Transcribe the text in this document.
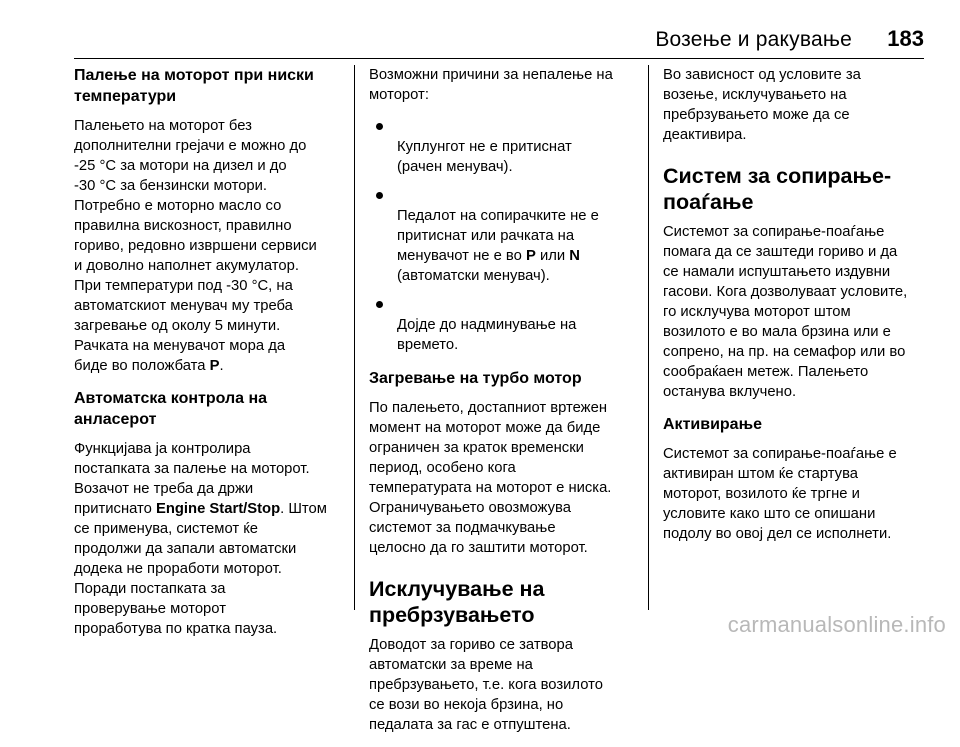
Возење и ракување 183
Палење на моторот при ниски
температури

Палењето на моторот без
дополнителни грејачи е можно до
-25 °C за мотори на дизел и до
-30 °C за бензински мотори.
Потребно е моторно масло со
правилна вискозност, правилно
гориво, редовно извршени сервиси
и доволно наполнет акумулатор.
При температури под -30 °C, на
автоматскиот менувач му треба
загревање од околу 5 минути.
Рачката на менувачот мора да
биде во положбата P.

Автоматска контрола на
анласерот

Функцијава ја контролира
постапката за палење на моторот.
Возачот не треба да држи
притиснато Engine Start/Stop. Штом
се применува, системот ќе
продолжи да запали автоматски
додека не проработи моторот.
Поради постапката за
проверување моторот
проработува по кратка пауза.

Возможни причини за непалење на
моторот:

Куплунгот не е притиснат
(рачен менувач).

Педалот на сопирачките не е
притиснат или рачката на
менувачот не е во P или N
(автоматски менувач).

Дојде до надминување на
времето.

Загревање на турбо мотор

По палењето, достапниот вртежен
момент на моторот може да биде
ограничен за краток временски
период, особено кога
температурата на моторот е ниска.
Ограничувањето овозможува
системот за подмачкување
целосно да го заштити моторот.

Исклучување на
пребрзувањето

Доводот за гориво се затвора
автоматски за време на
пребрзувањето, т.е. кога возилото
се вози во некоја брзина, но
педалата за гас е отпуштена.

Во зависност од условите за
возење, исклучувањето на
пребрзувањето може да се
деактивира.

Систем за сопирање-
поаѓање

Системот за сопирање-поаѓање
помага да се заштеди гориво и да
се намали испуштањето издувни
гасови. Кога дозволуваат условите,
го исклучува моторот штом
возилото е во мала брзина или е
сопрено, на пр. на семафор или во
сообраќаен метеж. Палењето
останува вклучено.

Активирање

Системот за сопирање-поаѓање е
активиран штом ќе стартува
моторот, возилото ќе тргне и
условите како што се опишани
подолу во овој дел се исполнети.

carmanualsonline.info
